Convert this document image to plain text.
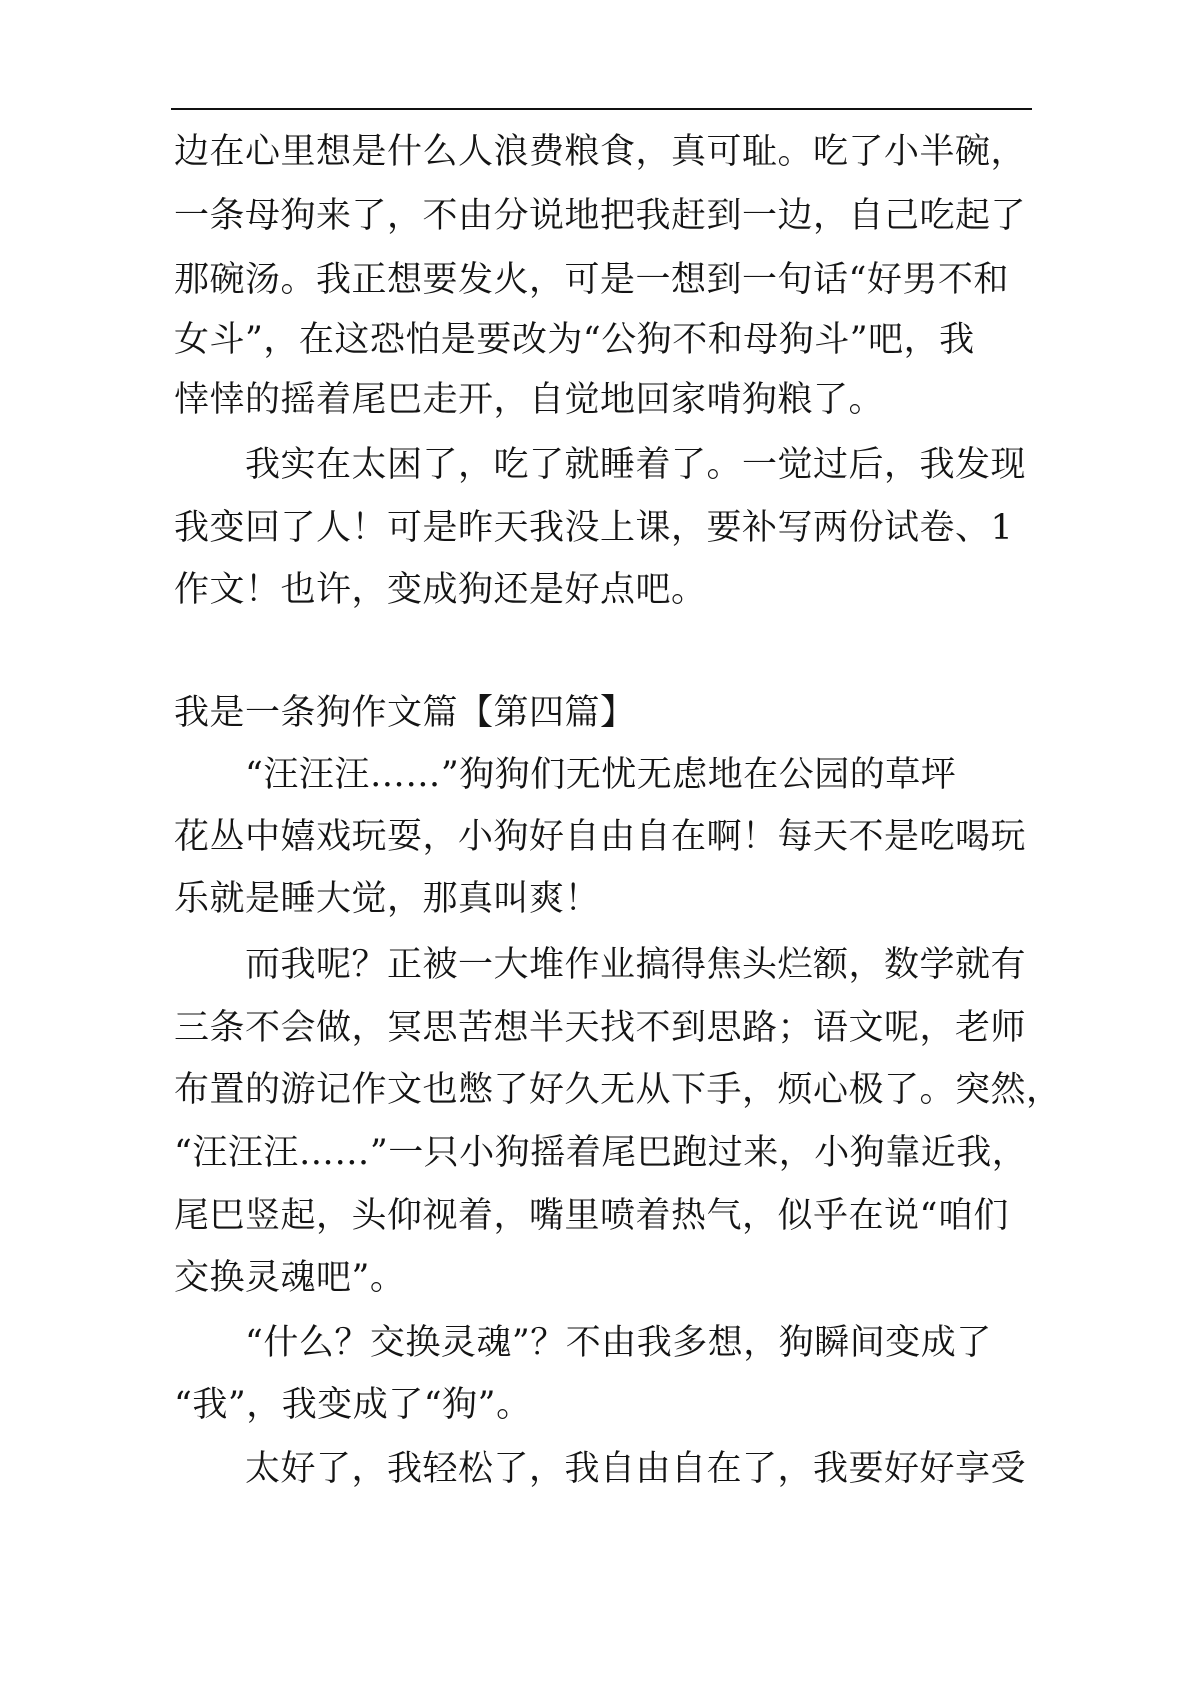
边在心里想是什么人浪费粮食，真可耻。吃了小半碗，
一条母狗来了，不由分说地把我赶到一边，自己吃起了
那碗汤。我正想要发火，可是一想到一句话“好男不和
女斗”，在这恐怕是要改为“公狗不和母狗斗”吧，我
悻悻的摇着尾巴走开，自觉地回家啃狗粮了。
　　我实在太困了，吃了就睡着了。一觉过后，我发现
我变回了人！可是昨天我没上课，要补写两份试卷、1
作文！也许，变成狗还是好点吧。
我是一条狗作文篇【第四篇】
　　“汪汪汪……”狗狗们无忧无虑地在公园的草坪
花丛中嬉戏玩耍，小狗好自由自在啊！每天不是吃喝玩
乐就是睡大觉，那真叫爽！
　　而我呢？正被一大堆作业搞得焦头烂额，数学就有
三条不会做，冥思苦想半天找不到思路；语文呢，老师
布置的游记作文也憋了好久无从下手，烦心极了。突然，
“汪汪汪……”一只小狗摇着尾巴跑过来，小狗靠近我，
尾巴竖起，头仰视着，嘴里喷着热气，似乎在说“咱们
交换灵魂吧”。
　　“什么？交换灵魂”？不由我多想，狗瞬间变成了
“我”，我变成了“狗”。
　　太好了，我轻松了，我自由自在了，我要好好享受
